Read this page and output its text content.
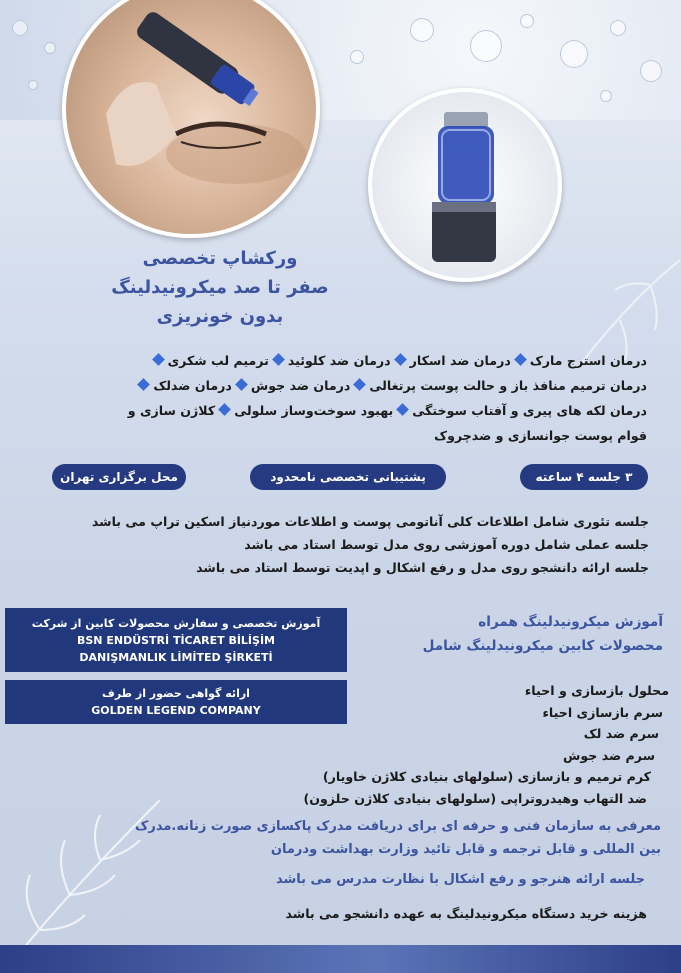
ورکشاپ تخصصی
صفر تا صد میکرونیدلینگ
بدون خونریزی
درمان استرج مارکدرمان ضد اسکاردرمان ضد کلوئیدترمیم لب شکری
درمان ترمیم منافذ باز و حالت پوست پرتغالیدرمان ضد جوشدرمان ضدلک
درمان لکه های پیری و آفتاب سوختگیبهبود سوخت‌وساز سلولیکلاژن سازی و
قوام پوست جوانسازی و ضدچروک
محل برگزاری تهران	پشتیبانی تخصصی نامحدود	۳ جلسه ۴ ساعته
جلسه تئوری شامل اطلاعات کلی آناتومی پوست و اطلاعات موردنیاز اسکین تراپ می باشد
جلسه عملی شامل دوره آموزشی روی مدل توسط استاد می باشد
جلسه ارائه دانشجو روی مدل و رفع اشکال و اپدیت توسط استاد می باشد
آموزش تخصصی و سفارش محصولات کابین از شرکت
BSN ENDÜSTRİ TİCARET BİLİŞİM
DANIŞMANLIK LİMİTED ŞİRKETİ
ارائه گواهی حضور از طرف
GOLDEN LEGEND COMPANY
آموزش میکرونیدلینگ همراه
محصولات کابین میکرونیدلینگ شامل
محلول بازسازی و احیاء
سرم بازسازی احیاء
سرم ضد لک
سرم ضد جوش
کرم ترمیم و بازسازی (سلولهای بنیادی کلاژن خاویار)
ضد التهاب وهیدروتراپی (سلولهای بنیادی کلاژن حلزون)
معرفی به سازمان فنی و حرفه ای برای دریافت مدرک پاکسازی صورت زنانه.مدرک
بین المللی و قابل ترجمه و قابل تائید وزارت بهداشت ودرمان
جلسه ارائه هنرجو و رفع اشکال با نظارت مدرس می باشد
هزینه خرید دستگاه میکرونیدلینگ به عهده دانشجو می باشد
